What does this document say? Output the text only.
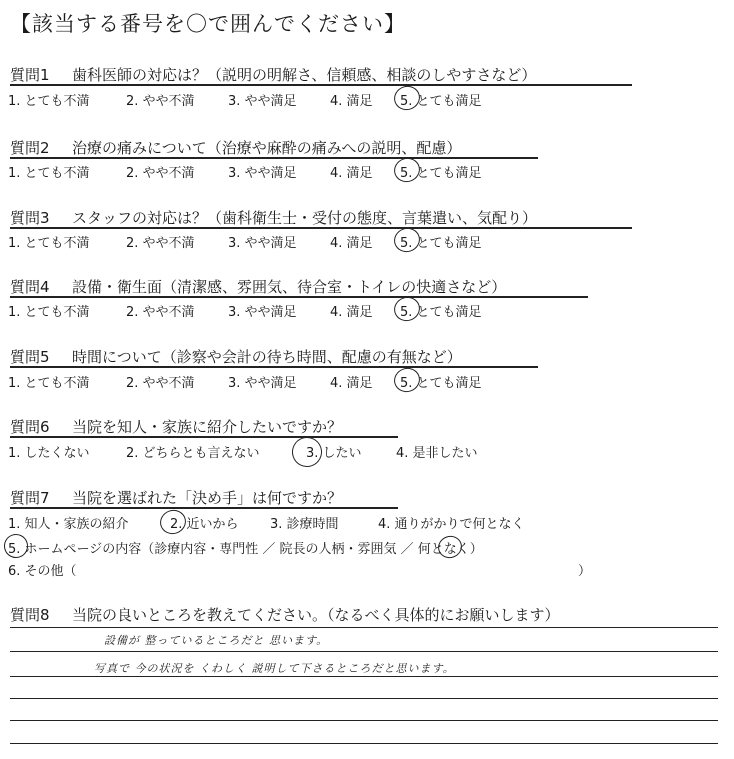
【該当する番号を〇で囲んでください】
質問1 歯科医師の対応は？（説明の明解さ、信頼感、相談のしやすさなど）
1. とても不満	2. やや不満	3. やや満足	4. 満足 5. とても満足
質問2 治療の痛みについて（治療や麻酔の痛みへの説明、配慮）
1. とても不満	2. やや不満	3. やや満足	4. 満足 5. とても満足
質問3 スタッフの対応は？（歯科衛生士・受付の態度、言葉遣い、気配り）
1. とても不満	2. やや不満	3. やや満足	4. 満足 5. とても満足
質問4 設備・衛生面（清潔感、雰囲気、待合室・トイレの快適さなど）
1. とても不満	2. やや不満	3. やや満足	4. 満足 5. とても満足
質問5 時間について（診察や会計の待ち時間、配慮の有無など）
1. とても不満	2. やや不満	3. やや満足	4. 満足 5. とても満足
質問6 当院を知人・家族に紹介したいですか？
1. したくない	2. どちらとも言えない	3. したい	4. 是非したい
質問7 当院を選ばれた「決め手」は何ですか？
1. 知人・家族の紹介	2. 近いから 3. 診療時間	4. 通りがかりで何となく
5. ホームページの内容（診療内容・専門性 ／ 院長の人柄・雰囲気 ／ 何となく）
6. その他（	）
質問8 当院の良いところを教えてください。（なるべく具体的にお願いします）
設備が 整っているところだと 思います。
写真で 今の状況を くわしく 説明して下さるところだと思います。
